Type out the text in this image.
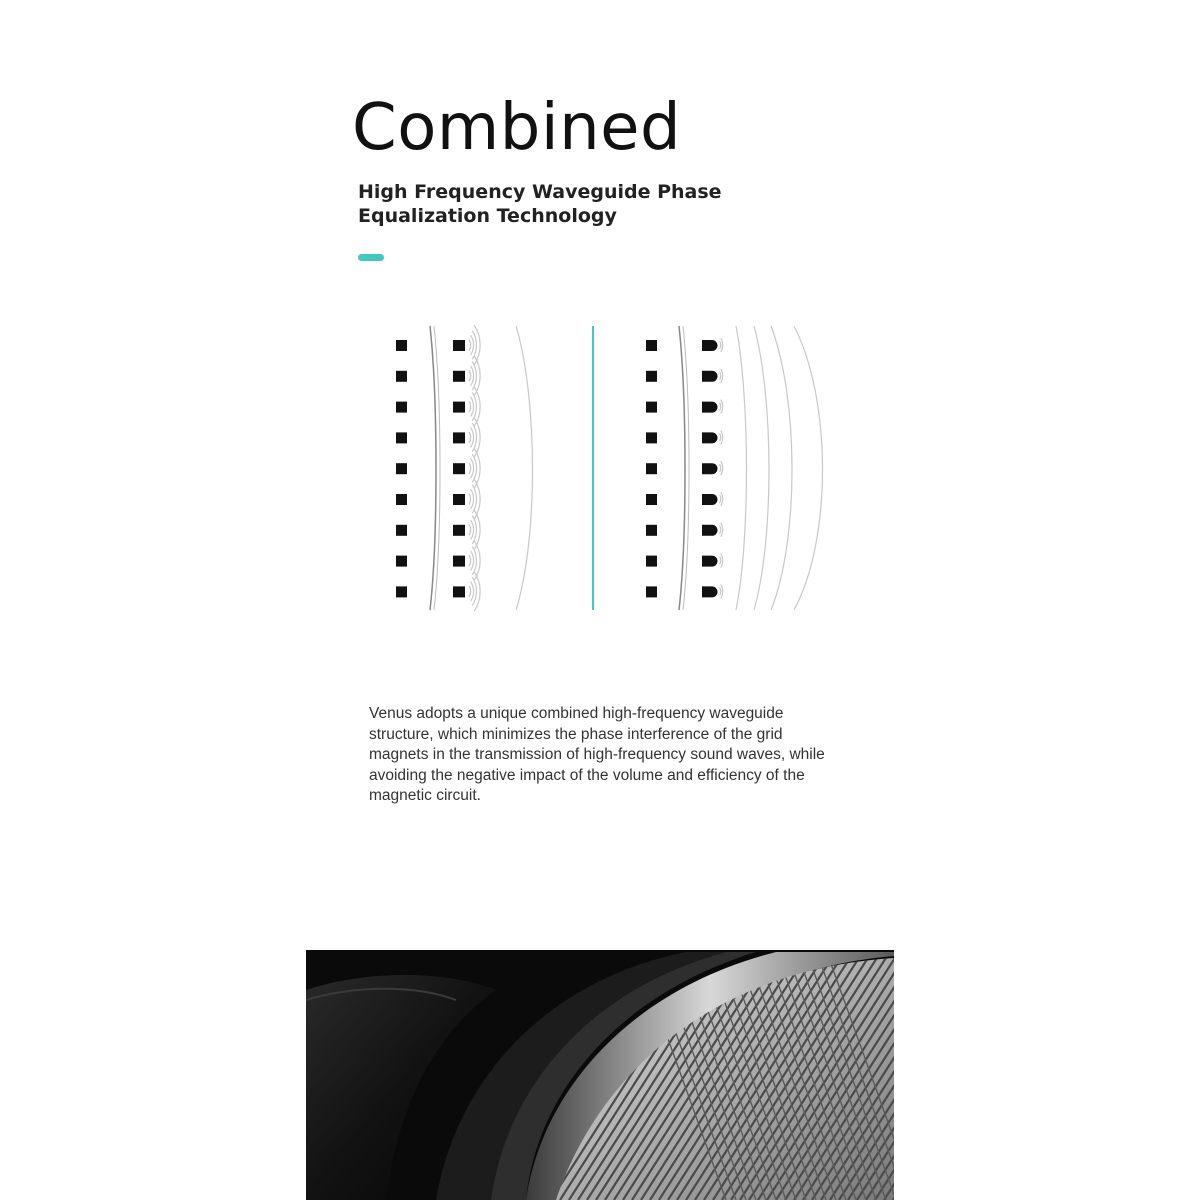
Combined

High Frequency Waveguide Phase Equalization Technology

Venus adopts a unique combined high-frequency waveguide structure, which minimizes the phase interference of the grid magnets in the transmission of high-frequency sound waves, while avoiding the negative impact of the volume and efficiency of the magnetic circuit.
